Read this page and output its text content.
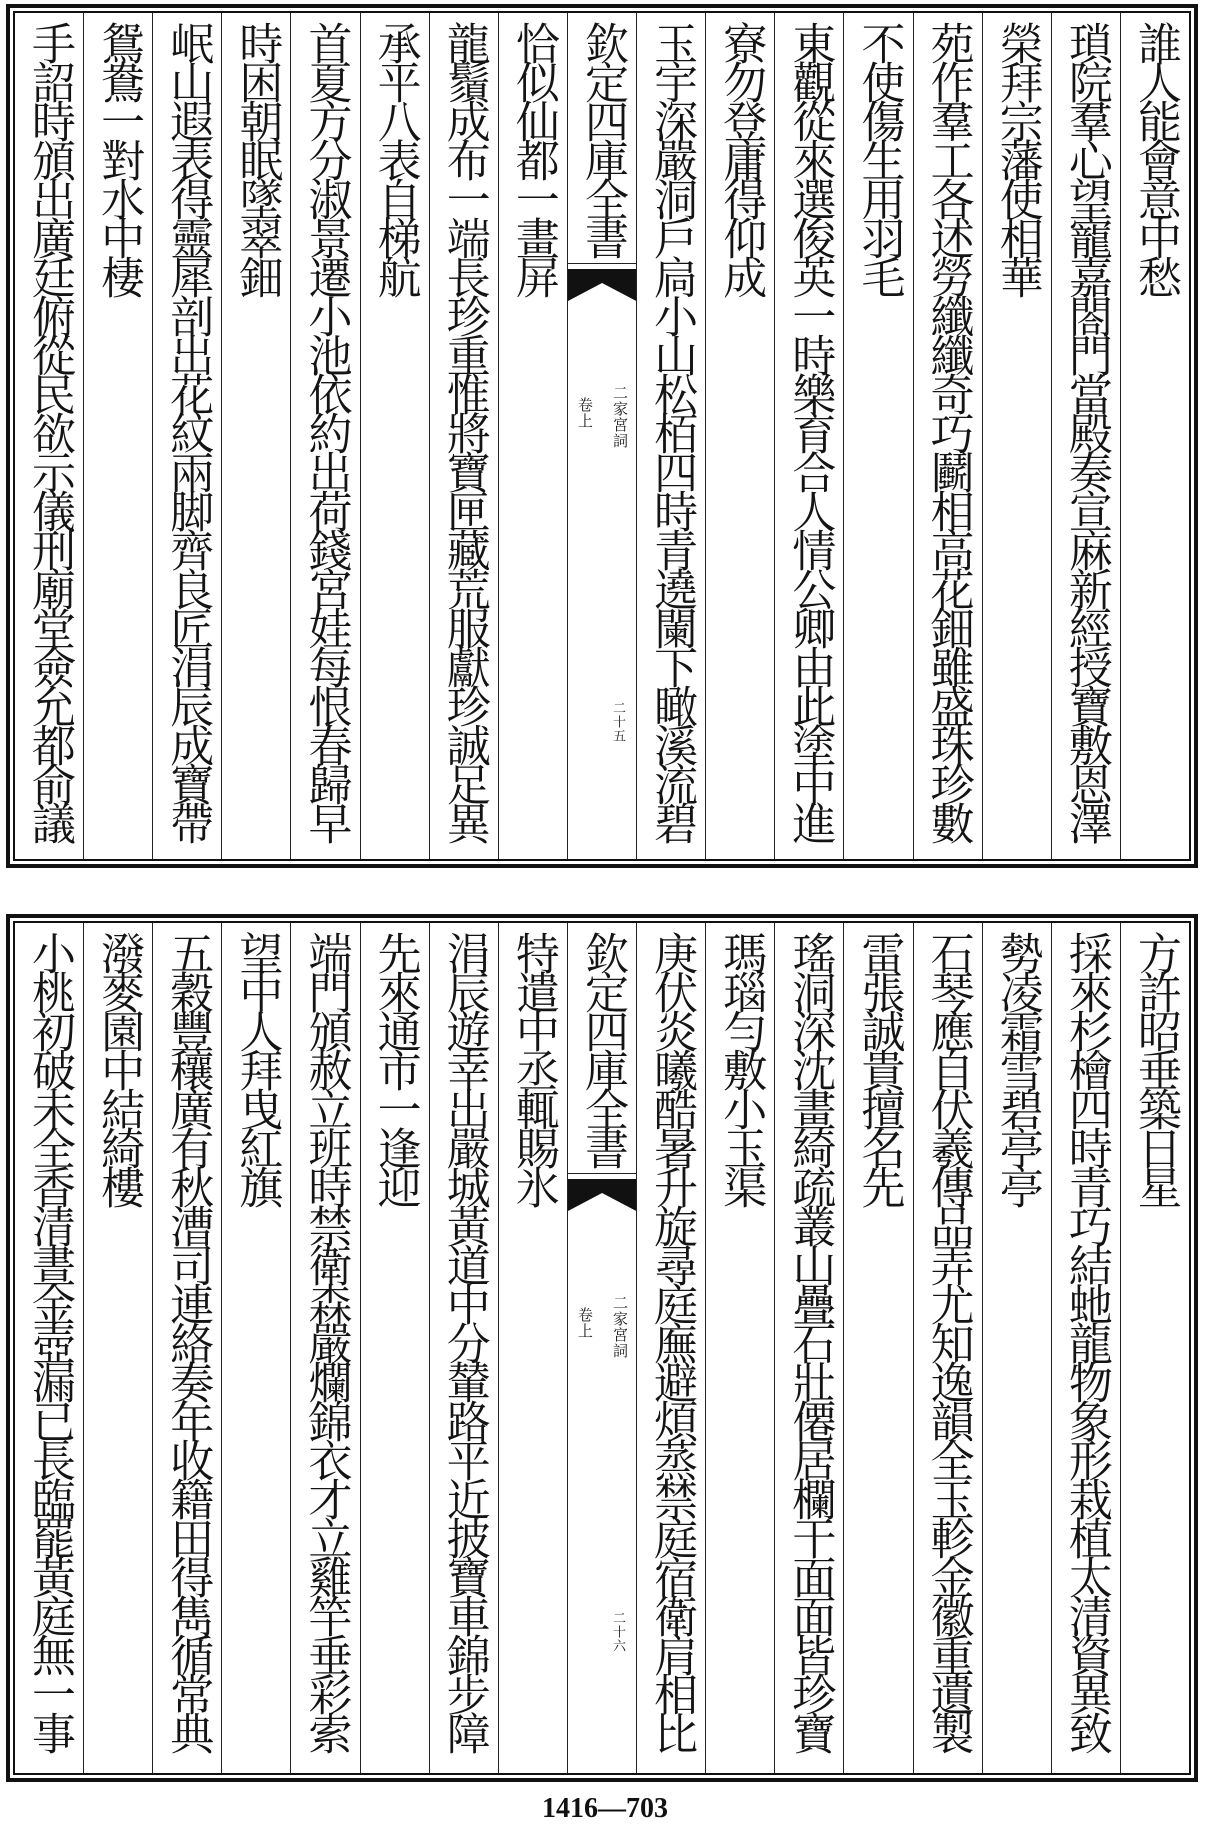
誰人能會意中愁
瑣院羣心望寵嘉閤門當殿奏宣麻新經授寶敷恩澤
榮拜宗藩使相華
苑作羣工各述勞纖纖奇巧鬬相高花鈿雖盛珠珍數
不使傷生用羽毛
東觀從來選俊英一時樂育合人情公卿由此塗中進
寮勿登庸得仰成
玉宇深嚴洞戶扃小山松栢四時青遶闌下瞰溪流碧
欽定四庫全書
二家宮詞
卷上
二十五
恰似仙都一畫屏
龍鬚成布一端長珍重惟將寶匣藏荒服獻珍誠足異
承平八表自梯航
首夏方分淑景遷小池依約出荷錢宮娃每恨春歸早
時困朝眠墜翠鈿
岷山遐表得靈犀剖出花紋兩脚齊良匠涓辰成寶帶
鴛鴦一對水中棲
手詔時頒出廣廷俯從民欲示儀刑廟堂僉允都俞議
方許昭垂築日星
採來杉檜四時青巧結虵龍物象形栽植太清資異致
勢凌霜雪碧亭亭
石琴應自伏羲傳品弄尤知逸韻全玉軫金徽重遺製
雷張誠貴擅名先
瑤洞深沈畫綺疏叢山疊石壯僊居欄干面面皆珍寶
瑪瑙勻敷小玉渠
庚伏炎曦酷暑升旋尋庭廡避煩蒸禁庭宿衛肩相比
欽定四庫全書
二家宮詞
卷上
二十六
特遣中丞輒賜氷
涓辰遊幸出嚴城黃道中分輦路平近披寶車錦步障
先來通市一逢迎
端門頒赦立班時禁衛森嚴爛錦衣才立雞竿垂彩索
望中人拜曳紅旗
五穀豐穰廣有秋漕司連絡奏年收籍田得雋循常典
潑麥園中結綺樓
小桃初破未全香清晝金壺漏已長臨罷黃庭無一事
1416—703
